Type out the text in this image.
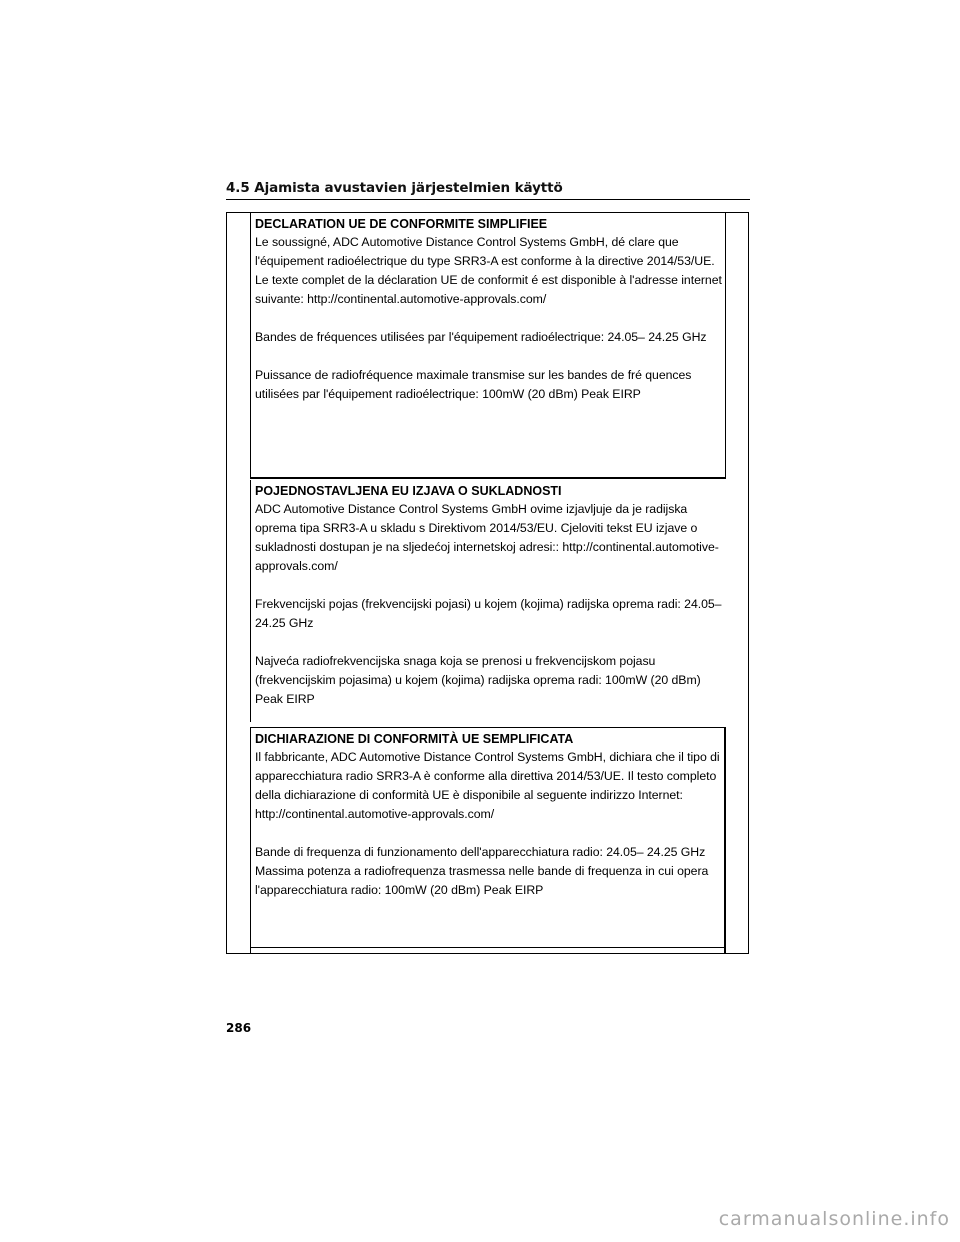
4.5 Ajamista avustavien järjestelmien käyttö

DECLARATION UE DE CONFORMITE SIMPLIFIEE

Le soussigné, ADC Automotive Distance Control Systems GmbH, dé clare que l'équipement radioélectrique du type SRR3-A est conforme à la directive 2014/53/UE. Le texte complet de la déclaration UE de conformit é est disponible à l'adresse internet suivante: http://continental.automotive-approvals.com/

Bandes de fréquences utilisées par l'équipement radioélectrique: 24.05– 24.25 GHz

Puissance de radiofréquence maximale transmise sur les bandes de fré quences utilisées par l'équipement radioélectrique: 100mW (20 dBm) Peak EIRP

POJEDNOSTAVLJENA EU IZJAVA O SUKLADNOSTI

ADC Automotive Distance Control Systems GmbH ovime izjavljuje da je radijska oprema tipa SRR3-A u skladu s Direktivom 2014/53/EU. Cjeloviti tekst EU izjave o sukladnosti dostupan je na sljedećoj internetskoj adresi:: http://continental.automotive-approvals.com/

Frekvencijski pojas (frekvencijski pojasi) u kojem (kojima) radijska oprema radi: 24.05–24.25 GHz

Najveća radiofrekvencijska snaga koja se prenosi u frekvencijskom pojasu (frekvencijskim pojasima) u kojem (kojima) radijska oprema radi: 100mW (20 dBm) Peak EIRP

DICHIARAZIONE DI CONFORMITÀ UE SEMPLIFICATA

Il fabbricante, ADC Automotive Distance Control Systems GmbH, dichiara che il tipo di apparecchiatura radio SRR3-A è conforme alla direttiva 2014/53/UE. Il testo completo della dichiarazione di conformità UE è disponibile al seguente indirizzo Internet: http://continental.automotive-approvals.com/

Bande di frequenza di funzionamento dell'apparecchiatura radio: 24.05– 24.25 GHz

Massima potenza a radiofrequenza trasmessa nelle bande di frequenza in cui opera l'apparecchiatura radio: 100mW (20 dBm) Peak EIRP

286
carmanualsonline.info
